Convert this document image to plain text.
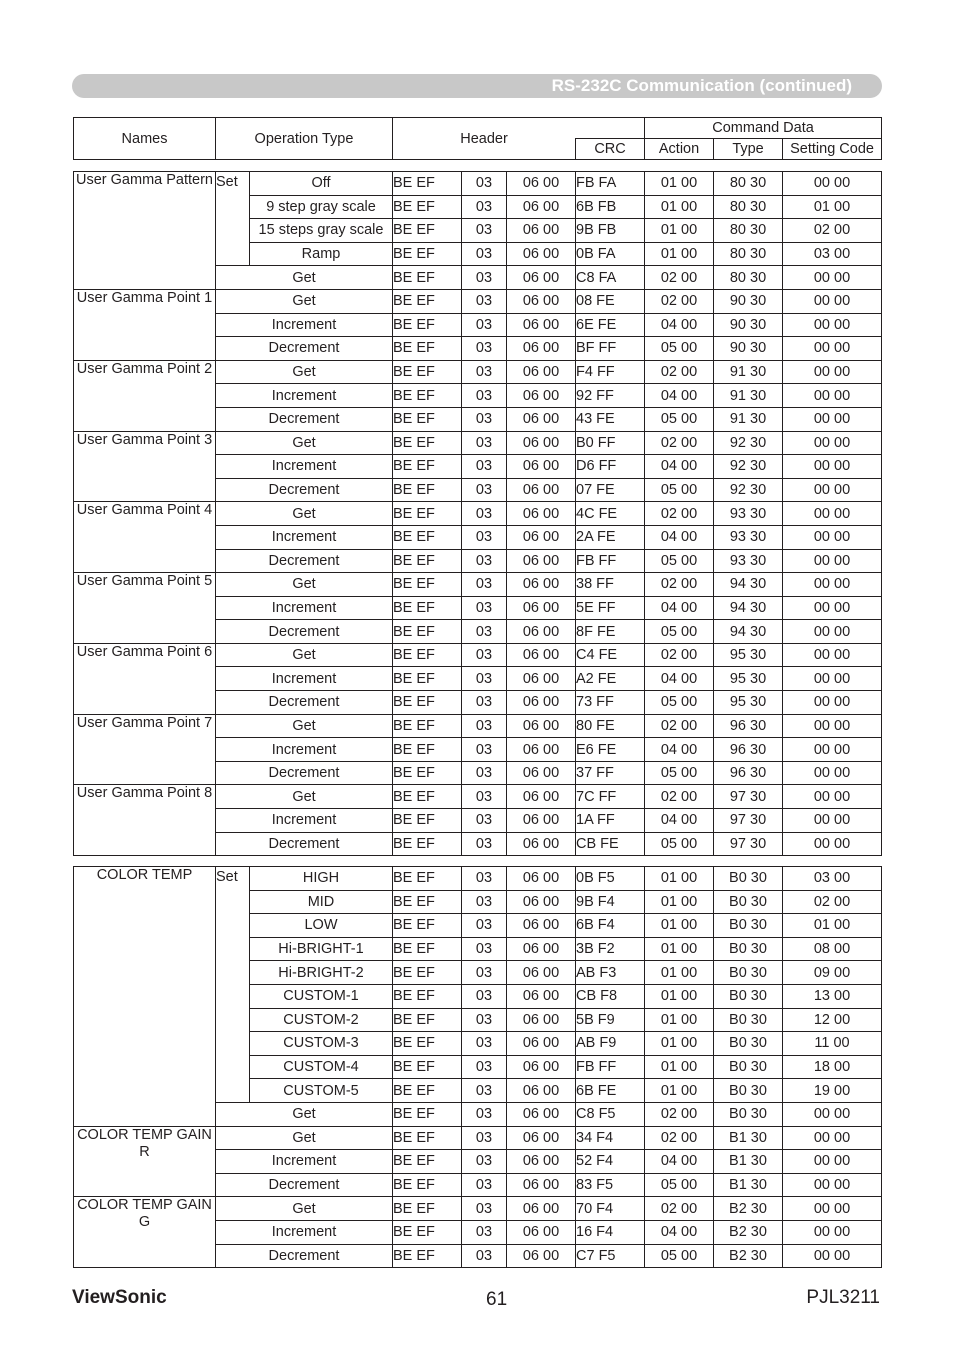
RS-232C Communication (continued)
Names	Operation Type	Header		Command Data		
			CRC	Action	Type	Setting Code
User Gamma Pattern	Set	Off	BE EF	03	06 00	FB FA	01 00	80 30	00 00
		9 step gray scale	BE EF	03	06 00	6B FB	01 00	80 30	01 00
		15 steps gray scale	BE EF	03	06 00	9B FB	01 00	80 30	02 00
		Ramp	BE EF	03	06 00	0B FA	01 00	80 30	03 00
	Get		BE EF	03	06 00	C8 FA	02 00	80 30	00 00
User Gamma Point 1	Get		BE EF	03	06 00	08 FE	02 00	90 30	00 00
	Increment		BE EF	03	06 00	6E FE	04 00	90 30	00 00
	Decrement		BE EF	03	06 00	BF FF	05 00	90 30	00 00
User Gamma Point 2	Get		BE EF	03	06 00	F4 FF	02 00	91 30	00 00
	Increment		BE EF	03	06 00	92 FF	04 00	91 30	00 00
	Decrement		BE EF	03	06 00	43 FE	05 00	91 30	00 00
User Gamma Point 3	Get		BE EF	03	06 00	B0 FF	02 00	92 30	00 00
	Increment		BE EF	03	06 00	D6 FF	04 00	92 30	00 00
	Decrement		BE EF	03	06 00	07 FE	05 00	92 30	00 00
User Gamma Point 4	Get		BE EF	03	06 00	4C FE	02 00	93 30	00 00
	Increment		BE EF	03	06 00	2A FE	04 00	93 30	00 00
	Decrement		BE EF	03	06 00	FB FF	05 00	93 30	00 00
User Gamma Point 5	Get		BE EF	03	06 00	38 FF	02 00	94 30	00 00
	Increment		BE EF	03	06 00	5E FF	04 00	94 30	00 00
	Decrement		BE EF	03	06 00	8F FE	05 00	94 30	00 00
User Gamma Point 6	Get		BE EF	03	06 00	C4 FE	02 00	95 30	00 00
	Increment		BE EF	03	06 00	A2 FE	04 00	95 30	00 00
	Decrement		BE EF	03	06 00	73 FF	05 00	95 30	00 00
User Gamma Point 7	Get		BE EF	03	06 00	80 FE	02 00	96 30	00 00
	Increment		BE EF	03	06 00	E6 FE	04 00	96 30	00 00
	Decrement		BE EF	03	06 00	37 FF	05 00	96 30	00 00
User Gamma Point 8	Get		BE EF	03	06 00	7C FF	02 00	97 30	00 00
	Increment		BE EF	03	06 00	1A FF	04 00	97 30	00 00
	Decrement		BE EF	03	06 00	CB FE	05 00	97 30	00 00
COLOR TEMP	Set	HIGH	BE EF	03	06 00	0B F5	01 00	B0 30	03 00
		MID	BE EF	03	06 00	9B F4	01 00	B0 30	02 00
		LOW	BE EF	03	06 00	6B F4	01 00	B0 30	01 00
		Hi-BRIGHT-1	BE EF	03	06 00	3B F2	01 00	B0 30	08 00
		Hi-BRIGHT-2	BE EF	03	06 00	AB F3	01 00	B0 30	09 00
		CUSTOM-1	BE EF	03	06 00	CB F8	01 00	B0 30	13 00
		CUSTOM-2	BE EF	03	06 00	5B F9	01 00	B0 30	12 00
		CUSTOM-3	BE EF	03	06 00	AB F9	01 00	B0 30	11 00
		CUSTOM-4	BE EF	03	06 00	FB FF	01 00	B0 30	18 00
		CUSTOM-5	BE EF	03	06 00	6B FE	01 00	B0 30	19 00
	Get		BE EF	03	06 00	C8 F5	02 00	B0 30	00 00
COLOR TEMP GAIN R	Get		BE EF	03	06 00	34 F4	02 00	B1 30	00 00
	Increment		BE EF	03	06 00	52 F4	04 00	B1 30	00 00
	Decrement		BE EF	03	06 00	83 F5	05 00	B1 30	00 00
COLOR TEMP GAIN G	Get		BE EF	03	06 00	70 F4	02 00	B2 30	00 00
	Increment		BE EF	03	06 00	16 F4	04 00	B2 30	00 00
	Decrement		BE EF	03	06 00	C7 F5	05 00	B2 30	00 00
ViewSonic	61	PJL3211
